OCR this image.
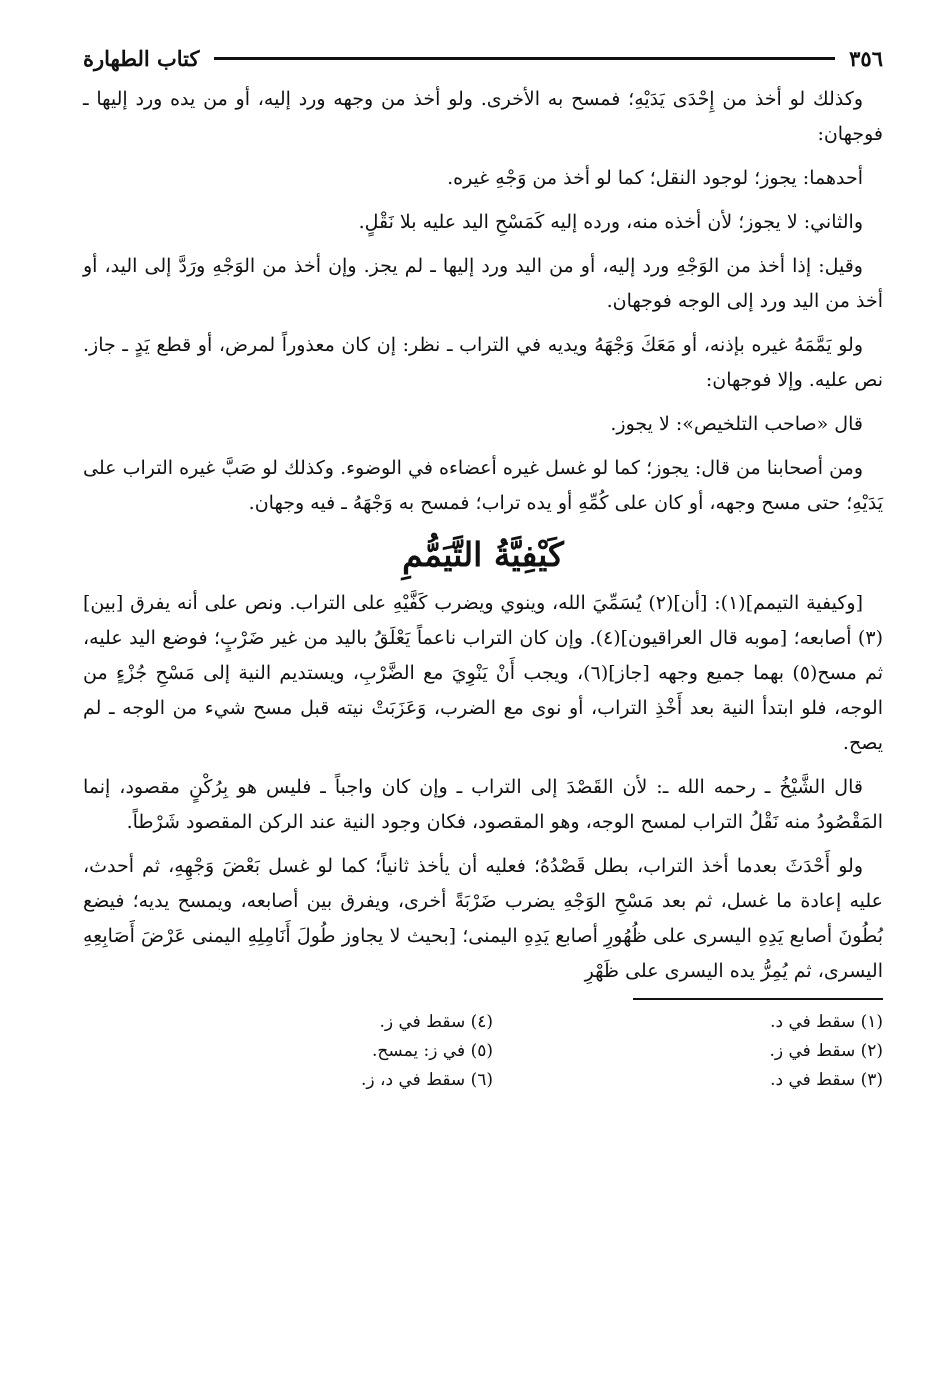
٣٥٦
كتاب الطهارة

وكذلك لو أخذ من إِحْدَى يَدَيْهِ؛ فمسح به الأخرى. ولو أخذ من وجهه ورد إليه، أو من يده ورد إليها ـ فوجهان:

أحدهما: يجوز؛ لوجود النقل؛ كما لو أخذ من وَجْهِ غيره.

والثاني: لا يجوز؛ لأن أخذه منه، ورده إليه كَمَسْحِ اليد عليه بلا نَقْلٍ.

وقيل: إذا أخذ من الوَجْهِ ورد إليه، أو من اليد ورد إليها ـ لم يجز. وإن أخذ من الوَجْهِ ورَدَّ إلى اليد، أو أخذ من اليد ورد إلى الوجه فوجهان.

ولو يَمَّمَهُ غيره بإذنه، أو مَعَكَ وَجْهَهُ ويديه في التراب ـ نظر: إن كان معذوراً لمرض، أو قطع يَدٍ ـ جاز. نص عليه. وإلا فوجهان:

قال «صاحب التلخيص»: لا يجوز.

ومن أصحابنا من قال: يجوز؛ كما لو غسل غيره أعضاءه في الوضوء. وكذلك لو صَبَّ غيره التراب على يَدَيْهِ؛ حتى مسح وجهه، أو كان على كُمِّهِ أو يده تراب؛ فمسح به وَجْهَهُ ـ فيه وجهان.

كَيْفِيَّةُ التَّيَمُّمِ

[وكيفية التيمم](١): [أن](٢) يُسَمِّيَ الله، وينوي ويضرب كَفَّيْهِ على التراب. ونص على أنه يفرق [بين](٣) أصابعه؛ [موبه قال العراقيون](٤). وإن كان التراب ناعماً يَعْلَقُ باليد من غير ضَرْبٍ؛ فوضع اليد عليه، ثم مسح(٥) بهما جميع وجهه [جاز](٦)، ويجب أَنْ يَنْوِيَ مع الضَّرْبِ، ويستديم النية إلى مَسْحِ جُزْءٍ من الوجه، فلو ابتدأ النية بعد أَخْذِ التراب، أو نوى مع الضرب، وَعَزَبَتْ نيته قبل مسح شيء من الوجه ـ لم يصح.

قال الشَّيْخُ ـ رحمه الله ـ: لأن القَصْدَ إلى التراب ـ وإن كان واجباً ـ فليس هو بِرُكْنٍ مقصود، إنما المَقْصُودُ منه نَقْلُ التراب لمسح الوجه، وهو المقصود، فكان وجود النية عند الركن المقصود شَرْطاً.

ولو أَحْدَثَ بعدما أخذ التراب، بطل قَصْدُهُ؛ فعليه أن يأخذ ثانياً؛ كما لو غسل بَعْضَ وَجْهِهِ، ثم أحدث، عليه إعادة ما غسل، ثم بعد مَسْحِ الوَجْهِ يضرب ضَرْبَةً أخرى، ويفرق بين أصابعه، ويمسح يديه؛ فيضع بُطُونَ أصابع يَدِهِ اليسرى على ظُهُورِ أصابع يَدِهِ اليمنى؛ [بحيث لا يجاوز طُولَ أَنَامِلِهِ اليمنى عَرْضَ أَصَابِعِهِ اليسرى، ثم يُمِرُّ يده اليسرى على ظَهْرِ

(١) سقط في د.
(٢) سقط في ز.
(٣) سقط في د.
(٤) سقط في ز.
(٥) في ز: يمسح.
(٦) سقط في د، ز.
